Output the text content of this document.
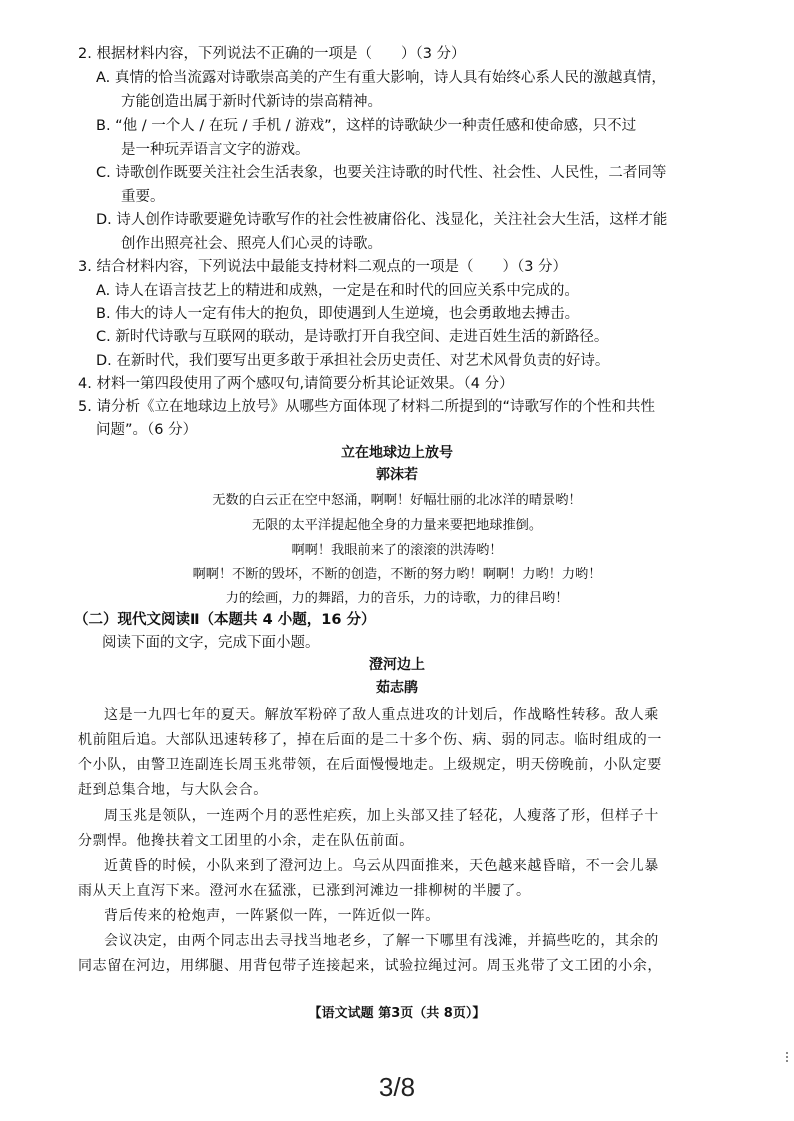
2. 根据材料内容，下列说法不正确的一项是（　　）（3 分）
A. 真情的恰当流露对诗歌崇高美的产生有重大影响，诗人具有始终心系人民的激越真情，
方能创造出属于新时代新诗的崇高精神。
B. “他 / 一个人 / 在玩 / 手机 / 游戏”，这样的诗歌缺少一种责任感和使命感，只不过
是一种玩弄语言文字的游戏。
C. 诗歌创作既要关注社会生活表象，也要关注诗歌的时代性、社会性、人民性，二者同等
重要。
D. 诗人创作诗歌要避免诗歌写作的社会性被庸俗化、浅显化，关注社会大生活，这样才能
创作出照亮社会、照亮人们心灵的诗歌。
3. 结合材料内容，下列说法中最能支持材料二观点的一项是（　　）（3 分）
A. 诗人在语言技艺上的精进和成熟，一定是在和时代的回应关系中完成的。
B. 伟大的诗人一定有伟大的抱负，即使遇到人生逆境，也会勇敢地去搏击。
C. 新时代诗歌与互联网的联动，是诗歌打开自我空间、走进百姓生活的新路径。
D. 在新时代，我们要写出更多敢于承担社会历史责任、对艺术风骨负责的好诗。
4. 材料一第四段使用了两个感叹句,请简要分析其论证效果。（4 分）
5. 请分析《立在地球边上放号》从哪些方面体现了材料二所提到的“诗歌写作的个性和共性
问题”。（6 分）
立在地球边上放号
郭沫若
无数的白云正在空中怒涌，啊啊！好幅壮丽的北冰洋的晴景哟！
无限的太平洋提起他全身的力量来要把地球推倒。
啊啊！我眼前来了的滚滚的洪涛哟！
啊啊！不断的毁坏，不断的创造，不断的努力哟！啊啊！力哟！力哟！
力的绘画，力的舞蹈，力的音乐，力的诗歌，力的律吕哟！
（二）现代文阅读Ⅱ（本题共 4 小题，16 分）
阅读下面的文字，完成下面小题。
澄河边上
茹志鹃
这是一九四七年的夏天。解放军粉碎了敌人重点进攻的计划后，作战略性转移。敌人乘
机前阻后追。大部队迅速转移了，掉在后面的是二十多个伤、病、弱的同志。临时组成的一
个小队，由警卫连副连长周玉兆带领，在后面慢慢地走。上级规定，明天傍晚前，小队定要
赶到总集合地，与大队会合。
周玉兆是领队，一连两个月的恶性疟疾，加上头部又挂了轻花，人瘦落了形，但样子十
分剽悍。他搀扶着文工团里的小余，走在队伍前面。
近黄昏的时候，小队来到了澄河边上。乌云从四面推来，天色越来越昏暗，不一会儿暴
雨从天上直泻下来。澄河水在猛涨，已涨到河滩边一排柳树的半腰了。
背后传来的枪炮声，一阵紧似一阵，一阵近似一阵。
会议决定，由两个同志出去寻找当地老乡，了解一下哪里有浅滩，并搞些吃的，其余的
同志留在河边，用绑腿、用背包带子连接起来，试验拉绳过河。周玉兆带了文工团的小余，
【语文试题 第3页（共 8页）】
3/8
